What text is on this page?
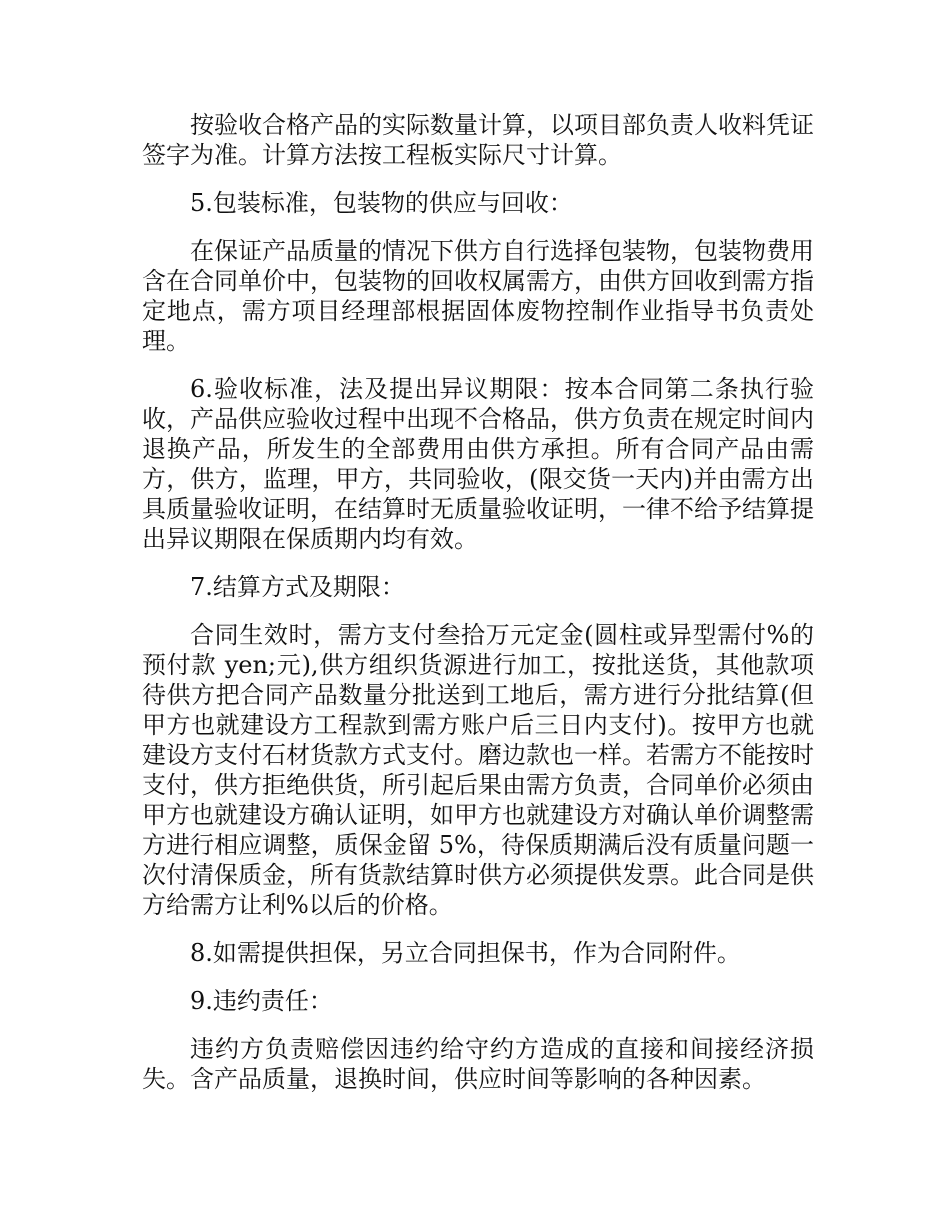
按验收合格产品的实际数量计算，以项目部负责人收料凭证签字为准。计算方法按工程板实际尺寸计算。

5.包装标准，包装物的供应与回收：

在保证产品质量的情况下供方自行选择包装物，包装物费用含在合同单价中，包装物的回收权属需方，由供方回收到需方指定地点，需方项目经理部根据固体废物控制作业指导书负责处理。

6.验收标准，法及提出异议期限：按本合同第二条执行验收，产品供应验收过程中出现不合格品，供方负责在规定时间内退换产品，所发生的全部费用由供方承担。所有合同产品由需方，供方，监理，甲方，共同验收，(限交货一天内)并由需方出具质量验收证明，在结算时无质量验收证明，一律不给予结算提出异议期限在保质期内均有效。

7.结算方式及期限：

合同生效时，需方支付叁拾万元定金(圆柱或异型需付%的预付款 yen;元),供方组织货源进行加工，按批送货，其他款项待供方把合同产品数量分批送到工地后，需方进行分批结算(但甲方也就建设方工程款到需方账户后三日内支付)。按甲方也就建设方支付石材货款方式支付。磨边款也一样。若需方不能按时支付，供方拒绝供货，所引起后果由需方负责，合同单价必须由甲方也就建设方确认证明，如甲方也就建设方对确认单价调整需方进行相应调整，质保金留 5%，待保质期满后没有质量问题一次付清保质金，所有货款结算时供方必须提供发票。此合同是供方给需方让利%以后的价格。

8.如需提供担保，另立合同担保书，作为合同附件。

9.违约责任：

违约方负责赔偿因违约给守约方造成的直接和间接经济损失。含产品质量，退换时间，供应时间等影响的各种因素。
